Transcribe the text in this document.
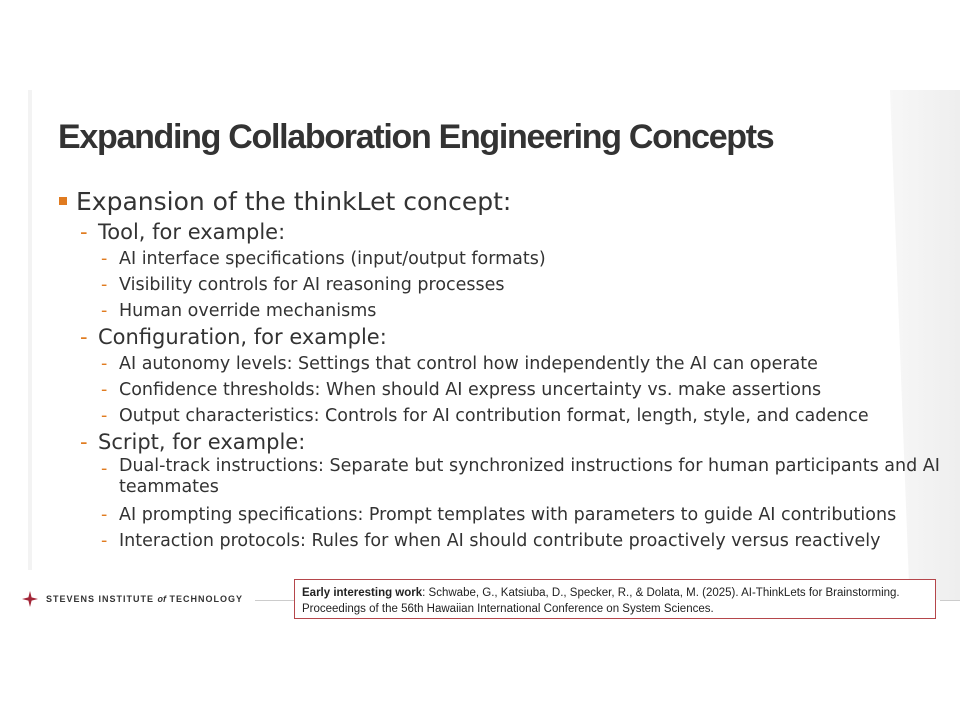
Expanding Collaboration Engineering Concepts
Expansion of the thinkLet concept:
- Tool, for example:
- AI interface specifications (input/output formats)
- Visibility controls for AI reasoning processes
- Human override mechanisms
- Configuration, for example:
- AI autonomy levels: Settings that control how independently the AI can operate
- Confidence thresholds: When should AI express uncertainty vs. make assertions
- Output characteristics: Controls for AI contribution format, length, style, and cadence
- Script, for example:
- Dual-track instructions: Separate but synchronized instructions for human participants and AI teammates
- AI prompting specifications: Prompt templates with parameters to guide AI contributions
- Interaction protocols: Rules for when AI should contribute proactively versus reactively
STEVENS INSTITUTE of TECHNOLOGY	Early interesting work: Schwabe, G., Katsiuba, D., Specker, R., & Dolata, M. (2025). AI-ThinkLets for Brainstorming. Proceedings of the 56th Hawaiian International Conference on System Sciences.
